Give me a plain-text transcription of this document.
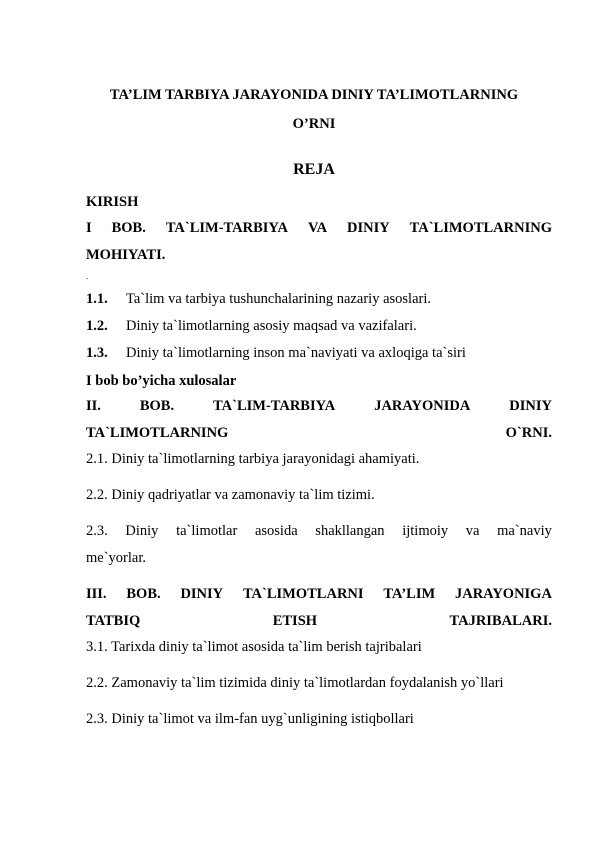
TA’LIM TARBIYA JARAYONIDA DINIY TA’LIMOTLARNING
O’RNI
REJA
KIRISH
I BOB. TA`LIM-TARBIYA VA DINIY TA`LIMOTLARNING
MOHIYATI.
.
1.1. Ta`lim va tarbiya tushunchalarining nazariy asoslari.
1.2. Diniy ta`limotlarning asosiy maqsad va vazifalari.
1.3. Diniy ta`limotlarning inson ma`naviyati va axloqiga ta`siri
I bob bo’yicha xulosalar
II.	BOB.	TA`LIM-TARBIYA	JARAYONIDA	DINIY
TA`LIMOTLARNING	O`RNI.
2.1. Diniy ta`limotlarning tarbiya jarayonidagi ahamiyati.
2.2. Diniy qadriyatlar va zamonaviy ta`lim tizimi.
2.3. Diniy ta`limotlar asosida shakllangan ijtimoiy va ma`naviy
me`yorlar.
III. BOB. DINIY TA`LIMOTLARNI TA’LIM JARAYONIGA
TATBIQ	ETISH	TAJRIBALARI.
3.1. Tarixda diniy ta`limot asosida ta`lim berish tajribalari
2.2. Zamonaviy ta`lim tizimida diniy ta`limotlardan foydalanish yo`llari
2.3. Diniy ta`limot va ilm-fan uyg`unligining istiqbollari
